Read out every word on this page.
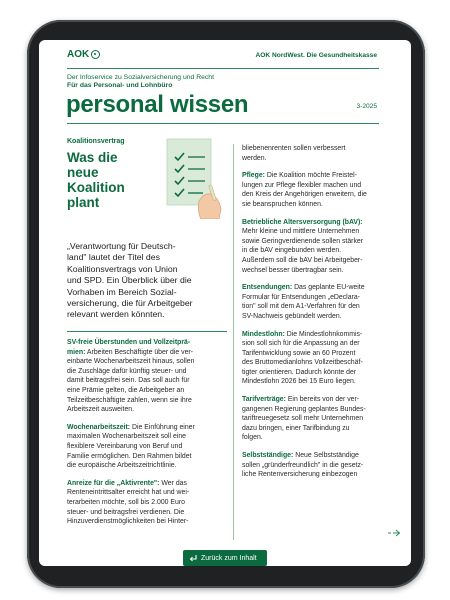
AOK	AOK NordWest. Die Gesundheitskasse
Der Infoservice zu Sozialversicherung und Recht
Für das Personal- und Lohnbüro
personal wissen	3-2025
Koalitionsvertrag
Was die
neue
Koalition
plant
„Verantwortung für Deutsch-
land" lautet der Titel des
Koalitionsvertrags von Union
und SPD. Ein Überblick über die
Vorhaben im Bereich Sozial-
versicherung, die für Arbeitgeber
relevant werden könnten.
SV-freie Überstunden und Vollzeitprä-
mien: Arbeiten Beschäftigte über die ver-
einbarte Wochenarbeitszeit hinaus, sollen
die Zuschläge dafür künftig steuer- und
damit beitragsfrei sein. Das soll auch für
eine Prämie gelten, die Arbeitgeber an
Teilzeitbeschäftigte zahlen, wenn sie ihre
Arbeitszeit ausweiten.
Wochenarbeitszeit: Die Einführung einer
maximalen Wochenarbeitszeit soll eine
flexiblere Vereinbarung von Beruf und
Familie ermöglichen. Den Rahmen bildet
die europäische Arbeitszeitrichtlinie.
Anreize für die „Aktivrente": Wer das
Renteneintrittsalter erreicht hat und wei-
terarbeiten möchte, soll bis 2.000 Euro
steuer- und beitragsfrei verdienen. Die
Hinzuverdienstmöglichkeiten bei Hinter-
bliebenenrenten sollen verbessert
werden.
Pflege: Die Koalition möchte Freistel-
lungen zur Pflege flexibler machen und
den Kreis der Angehörigen erweitern, die
sie beanspruchen können.
Betriebliche Altersversorgung (bAV):
Mehr kleine und mittlere Unternehmen
sowie Geringverdienende sollen stärker
in die bAV eingebunden werden.
Außerdem soll die bAV bei Arbeitgeber-
wechsel besser übertragbar sein.
Entsendungen: Das geplante EU-weite
Formular für Entsendungen „eDeclara-
tion" soll mit dem A1-Verfahren für den
SV-Nachweis gebündelt werden.
Mindestlohn: Die Mindestlohnkommis-
sion soll sich für die Anpassung an der
Tarifentwicklung sowie an 60 Prozent
des Bruttomedianlohns Vollzeitbeschäf-
tigter orientieren. Dadurch könnte der
Mindestlohn 2026 bei 15 Euro liegen.
Tarifverträge: Ein bereits von der ver-
gangenen Regierung geplantes Bundes-
tariftreuegesetz soll mehr Unternehmen
dazu bringen, einer Tarifbindung zu
folgen.
Selbstständige: Neue Selbstständige
sollen „gründerfreundlich" in die gesetz-
liche Rentenversicherung einbezogen
Zurück zum Inhalt
